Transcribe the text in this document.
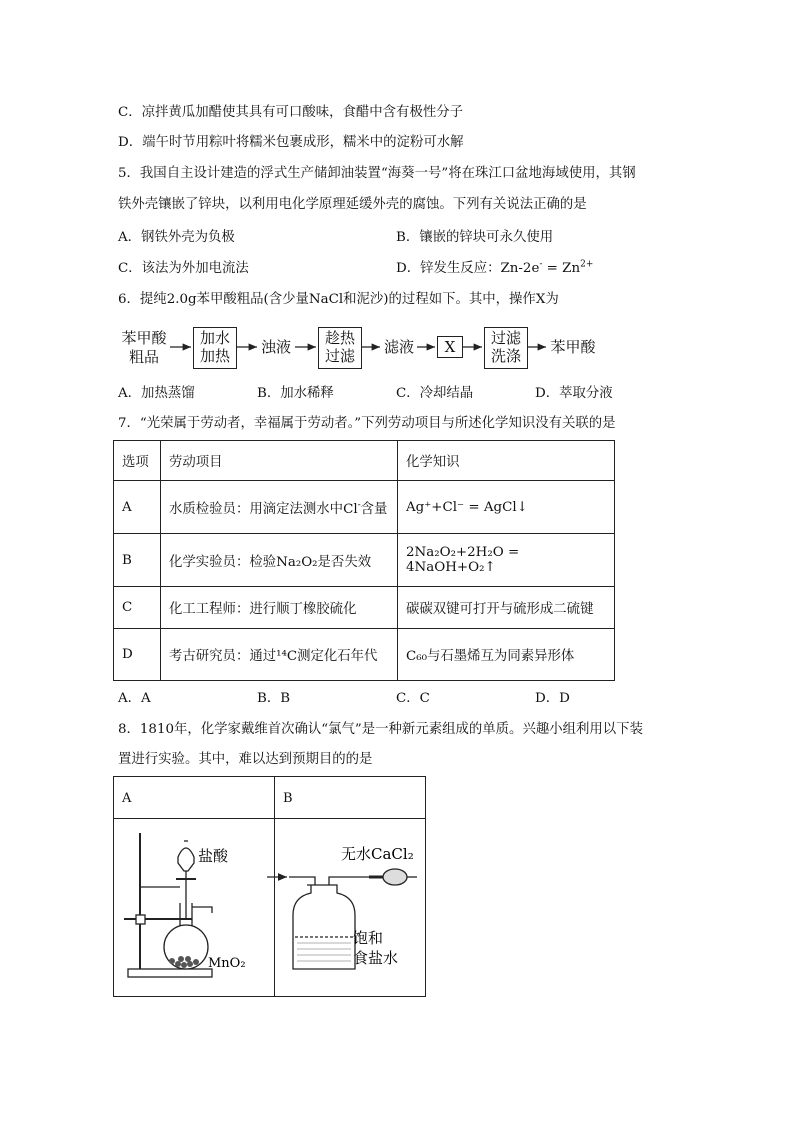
C．凉拌黄瓜加醋使其具有可口酸味，食醋中含有极性分子
D．端午时节用粽叶将糯米包裹成形，糯米中的淀粉可水解
5．我国自主设计建造的浮式生产储卸油装置“海葵一号”将在珠江口盆地海域使用，其钢
铁外壳镶嵌了锌块，以利用电化学原理延缓外壳的腐蚀。下列有关说法正确的是
A．钢铁外壳为负极	B．镶嵌的锌块可永久使用
C．该法为外加电流法	D．锌发生反应：$Zn-2e^- = Zn^{2+}$
6．提纯2.0g苯甲酸粗品(含少量NaCl和泥沙)的过程如下。其中，操作X为
苯甲酸
粗品
加水
加热 浊液 趁热
过滤 滤液	X	过滤
洗涤 苯甲酸
A．加热蒸馏	B．加水稀释	C．冷却结晶	D．萃取分液
7．“光荣属于劳动者，幸福属于劳动者。”下列劳动项目与所述化学知识没有关联的是
选项	劳动项目	化学知识
A	水质检验员：用滴定法测水中Cl-含量	Ag⁺+Cl⁻ = AgCl↓
B	化学实验员：检验Na₂O₂是否失效	2Na₂O₂+2H₂O = 4NaOH+O₂↑
C	化工工程师：进行顺丁橡胶硫化	碳碳双键可打开与硫形成二硫键
D	考古研究员：通过¹⁴C测定化石年代	C₆₀与石墨烯互为同素异形体
A．A	B．B	C．C	D．D
8．1810年，化学家戴维首次确认“氯气”是一种新元素组成的单质。兴趣小组利用以下装
置进行实验。其中，难以达到预期目的的是
A	B

盐酸
MnO₂
无水CaCl₂
饱和
食盐水
